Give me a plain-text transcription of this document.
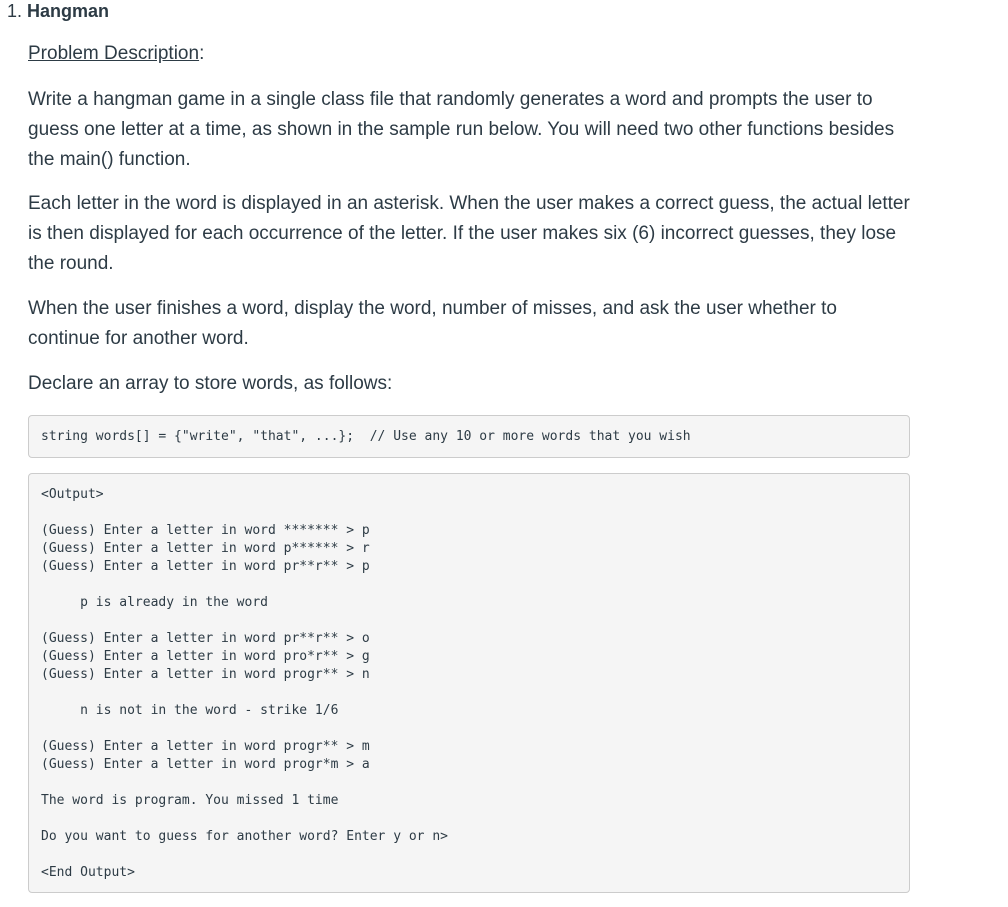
1. Hangman
Problem Description:

Write a hangman game in a single class file that randomly generates a word and prompts the user to guess one letter at a time, as shown in the sample run below. You will need two other functions besides the main() function.

Each letter in the word is displayed in an asterisk. When the user makes a correct guess, the actual letter is then displayed for each occurrence of the letter. If the user makes six (6) incorrect guesses, they lose the round.

When the user finishes a word, display the word, number of misses, and ask the user whether to continue for another word.

Declare an array to store words, as follows:

string words[] = {"write", "that", ...};  // Use any 10 or more words that you wish
<Output>
(Guess) Enter a letter in word ******* > p
(Guess) Enter a letter in word p****** > r
(Guess) Enter a letter in word pr**r** > p
p is already in the word
(Guess) Enter a letter in word pr**r** > o
(Guess) Enter a letter in word pro*r** > g
(Guess) Enter a letter in word progr** > n
n is not in the word - strike 1/6
(Guess) Enter a letter in word progr** > m
(Guess) Enter a letter in word progr*m > a
The word is program. You missed 1 time
Do you want to guess for another word? Enter y or n>
<End Output>
